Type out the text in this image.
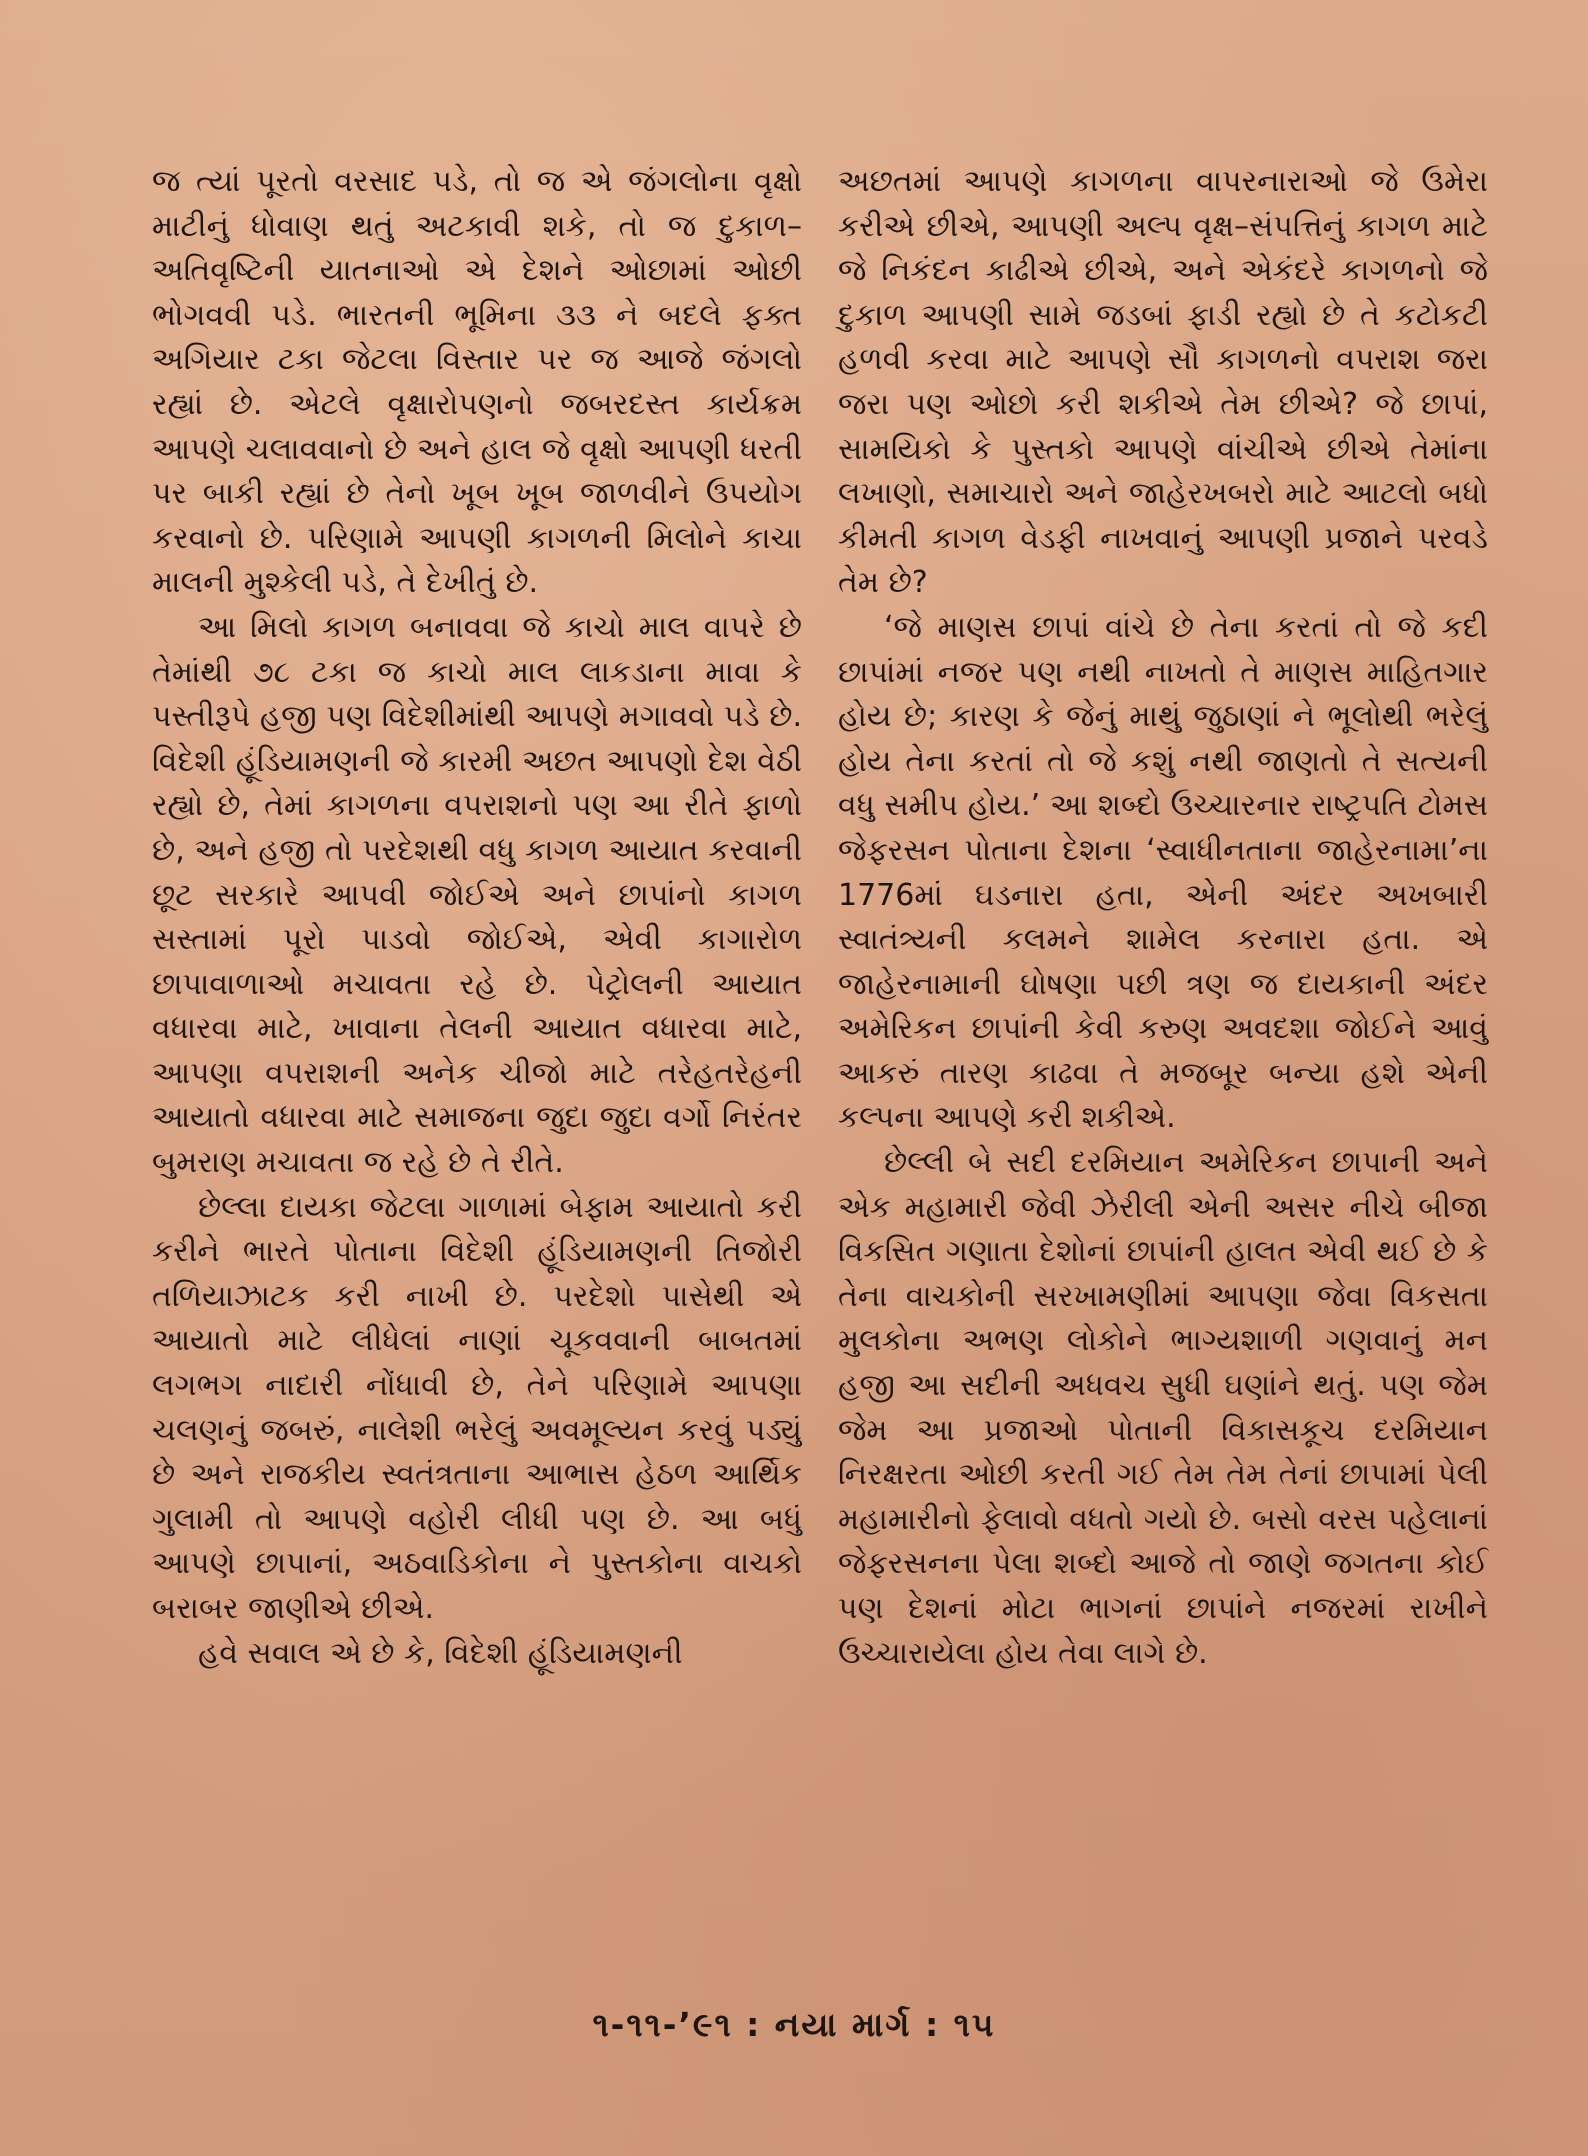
જ ત્યાં પૂરતો વરસાદ પડે, તો જ એ જંગલોના વૃક્ષો માટીનું ધોવાણ થતું અટકાવી શકે, તો જ દુકાળ–અતિવૃષ્ટિની યાતનાઓ એ દેશને ઓછામાં ઓછી ભોગવવી પડે. ભારતની ભૂમિના ૩૩ ને બદલે ફક્ત અગિયાર ટકા જેટલા વિસ્તાર પર જ આજે જંગલો રહ્યાં છે. એટલે વૃક્ષારોપણનો જબરદસ્ત કાર્યક્રમ આપણે ચલાવવાનો છે અને હાલ જે વૃક્ષો આપણી ધરતી પર બાકી રહ્યાં છે તેનો ખૂબ ખૂબ જાળવીને ઉપયોગ કરવાનો છે. પરિણામે આપણી કાગળની મિલોને કાચા માલની મુશ્કેલી પડે, તે દેખીતું છે.

આ મિલો કાગળ બનાવવા જે કાચો માલ વાપરે છે તેમાંથી ૭૮ ટકા જ કાચો માલ લાકડાના માવા કે પસ્તીરૂપે હજી પણ વિદેશીમાંથી આપણે મગાવવો પડે છે. વિદેશી હૂંડિયામણની જે કારમી અછત આપણો દેશ વેઠી રહ્યો છે, તેમાં કાગળના વપરાશનો પણ આ રીતે ફાળો છે, અને હજી તો પરદેશથી વધુ કાગળ આયાત કરવાની છૂટ સરકારે આપવી જોઈએ અને છાપાંનો કાગળ સસ્તામાં પૂરો પાડવો જોઈએ, એવી કાગારોળ છાપાવાળાઓ મચાવતા રહે છે. પેટ્રોલની આયાત વધારવા માટે, ખાવાના તેલની આયાત વધારવા માટે, આપણા વપરાશની અનેક ચીજો માટે તરેહતરેહની આયાતો વધારવા માટે સમાજના જુદા જુદા વર્ગો નિરંતર બુમરાણ મચાવતા જ રહે છે તે રીતે.

છેલ્લા દાયકા જેટલા ગાળામાં બેફામ આયાતો કરી કરીને ભારતે પોતાના વિદેશી હૂંડિયામણની તિજોરી તળિયાઝાટક કરી નાખી છે. પરદેશો પાસેથી એ આયાતો માટે લીધેલાં નાણાં ચૂકવવાની બાબતમાં લગભગ નાદારી નોંધાવી છે, તેને પરિણામે આપણા ચલણનું જબરું, નાલેશી ભરેલું અવમૂલ્યન કરવું પડ્યું છે અને રાજકીય સ્વતંત્રતાના આભાસ હેઠળ આર્થિક ગુલામી તો આપણે વહોરી લીધી પણ છે. આ બધું આપણે છાપાનાં, અઠવાડિકોના ને પુસ્તકોના વાચકો બરાબર જાણીએ છીએ.

હવે સવાલ એ છે કે, વિદેશી હૂંડિયામણની

અછતમાં આપણે કાગળના વાપરનારાઓ જે ઉમેરા કરીએ છીએ, આપણી અલ્પ વૃક્ષ–સંપત્તિનું કાગળ માટે જે નિકંદન કાઢીએ છીએ, અને એકંદરે કાગળનો જે દુકાળ આપણી સામે જડબાં ફાડી રહ્યો છે તે કટોકટી હળવી કરવા માટે આપણે સૌ કાગળનો વપરાશ જરા જરા પણ ઓછો કરી શકીએ તેમ છીએ? જે છાપાં, સામયિકો કે પુસ્તકો આપણે વાંચીએ છીએ તેમાંના લખાણો, સમાચારો અને જાહેરખબરો માટે આટલો બધો કીમતી કાગળ વેડફી નાખવાનું આપણી પ્રજાને પરવડે તેમ છે?

‘જે માણસ છાપાં વાંચે છે તેના કરતાં તો જે કદી છાપાંમાં નજર પણ નથી નાખતો તે માણસ માહિતગાર હોય છે; કારણ કે જેનું માથું જુઠાણાં ને ભૂલોથી ભરેલું હોય તેના કરતાં તો જે કશું નથી જાણતો તે સત્યની વધુ સમીપ હોય.’ આ શબ્દો ઉચ્ચારનાર રાષ્ટ્રપતિ ટોમસ જેફરસન પોતાના દેશના ‘સ્વાધીનતાના જાહેરનામા’ના 1776માં ઘડનારા હતા, એની અંદર અખબારી સ્વાતંત્ર્યની કલમને શામેલ કરનારા હતા. એ જાહેરનામાની ઘોષણા પછી ત્રણ જ દાયકાની અંદર અમેરિકન છાપાંની કેવી કરુણ અવદશા જોઈને આવું આકરું તારણ કાઢવા તે મજબૂર બન્યા હશે એની કલ્પના આપણે કરી શકીએ.

છેલ્લી બે સદી દરમિયાન અમેરિકન છાપાની અને એક મહામારી જેવી ઝેરીલી એની અસર નીચે બીજા વિકસિત ગણાતા દેશોનાં છાપાંની હાલત એવી થઈ છે કે તેના વાચકોની સરખામણીમાં આપણા જેવા વિકસતા મુલકોના અભણ લોકોને ભાગ્યશાળી ગણવાનું મન હજી આ સદીની અધવચ સુધી ઘણાંને થતું. પણ જેમ જેમ આ પ્રજાઓ પોતાની વિકાસકૂચ દરમિયાન નિરક્ષરતા ઓછી કરતી ગઈ તેમ તેમ તેનાં છાપામાં પેલી મહામારીનો ફેલાવો વધતો ગયો છે. બસો વરસ પહેલાનાં જેફરસનના પેલા શબ્દો આજે તો જાણે જગતના કોઈ પણ દેશનાં મોટા ભાગનાં છાપાંને નજરમાં રાખીને ઉચ્ચારાયેલા હોય તેવા લાગે છે.

૧-૧૧-’૯૧ : નયા માર્ગ : ૧૫
